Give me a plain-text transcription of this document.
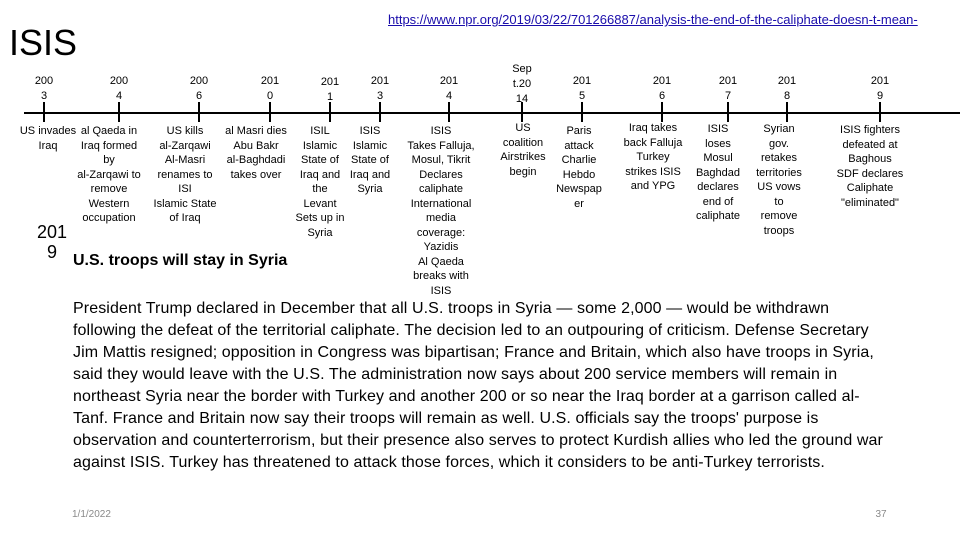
https://www.npr.org/2019/03/22/701266887/analysis-the-end-of-the-caliphate-doesn-t-mean-
ISIS
200
3
200
4
200
6
201
0
201
1
201
3
201
4
Sep
t.20
14
201
5
201
6
201
7
201
8
201
9
US invades
Iraq
al Qaeda in
Iraq formed
by
al-Zarqawi to
remove
Western
occupation
US kills
al-Zarqawi
Al-Masri
renames to
ISI
Islamic State
of Iraq
al Masri dies
Abu Bakr
al-Baghdadi
takes over
ISIL
Islamic
State of
Iraq and
the
Levant
Sets up in
Syria
ISIS
Islamic
State of
Iraq and
Syria
ISIS
Takes Falluja,
Mosul, Tikrit
Declares
caliphate
International
media
coverage:
Yazidis
Al Qaeda
breaks with
ISIS
US
coalition
Airstrikes
begin
Paris
attack
Charlie
Hebdo
Newspap
er
Iraq takes
back Falluja
Turkey
strikes ISIS
and YPG
ISIS
loses
Mosul
Baghdad
declares
end of
caliphate
Syrian
gov.
retakes
territories
US vows
to
remove
troops
ISIS fighters
defeated at
Baghous
SDF declares
Caliphate
"eliminated"
201
9	U.S. troops will stay in Syria
President Trump declared in December that all U.S. troops in Syria — some 2,000 — would be withdrawn following the defeat of the territorial caliphate. The decision led to an outpouring of criticism. Defense Secretary Jim Mattis resigned; opposition in Congress was bipartisan; France and Britain, which also have troops in Syria, said they would leave with the U.S. The administration now says about 200 service members will remain in northeast Syria near the border with Turkey and another 200 or so near the Iraq border at a garrison called al-Tanf. France and Britain now say their troops will remain as well. U.S. officials say the troops' purpose is observation and counterterrorism, but their presence also serves to protect Kurdish allies who led the ground war against ISIS. Turkey has threatened to attack those forces, which it considers to be anti-Turkey terrorists.
1/1/2022	37
